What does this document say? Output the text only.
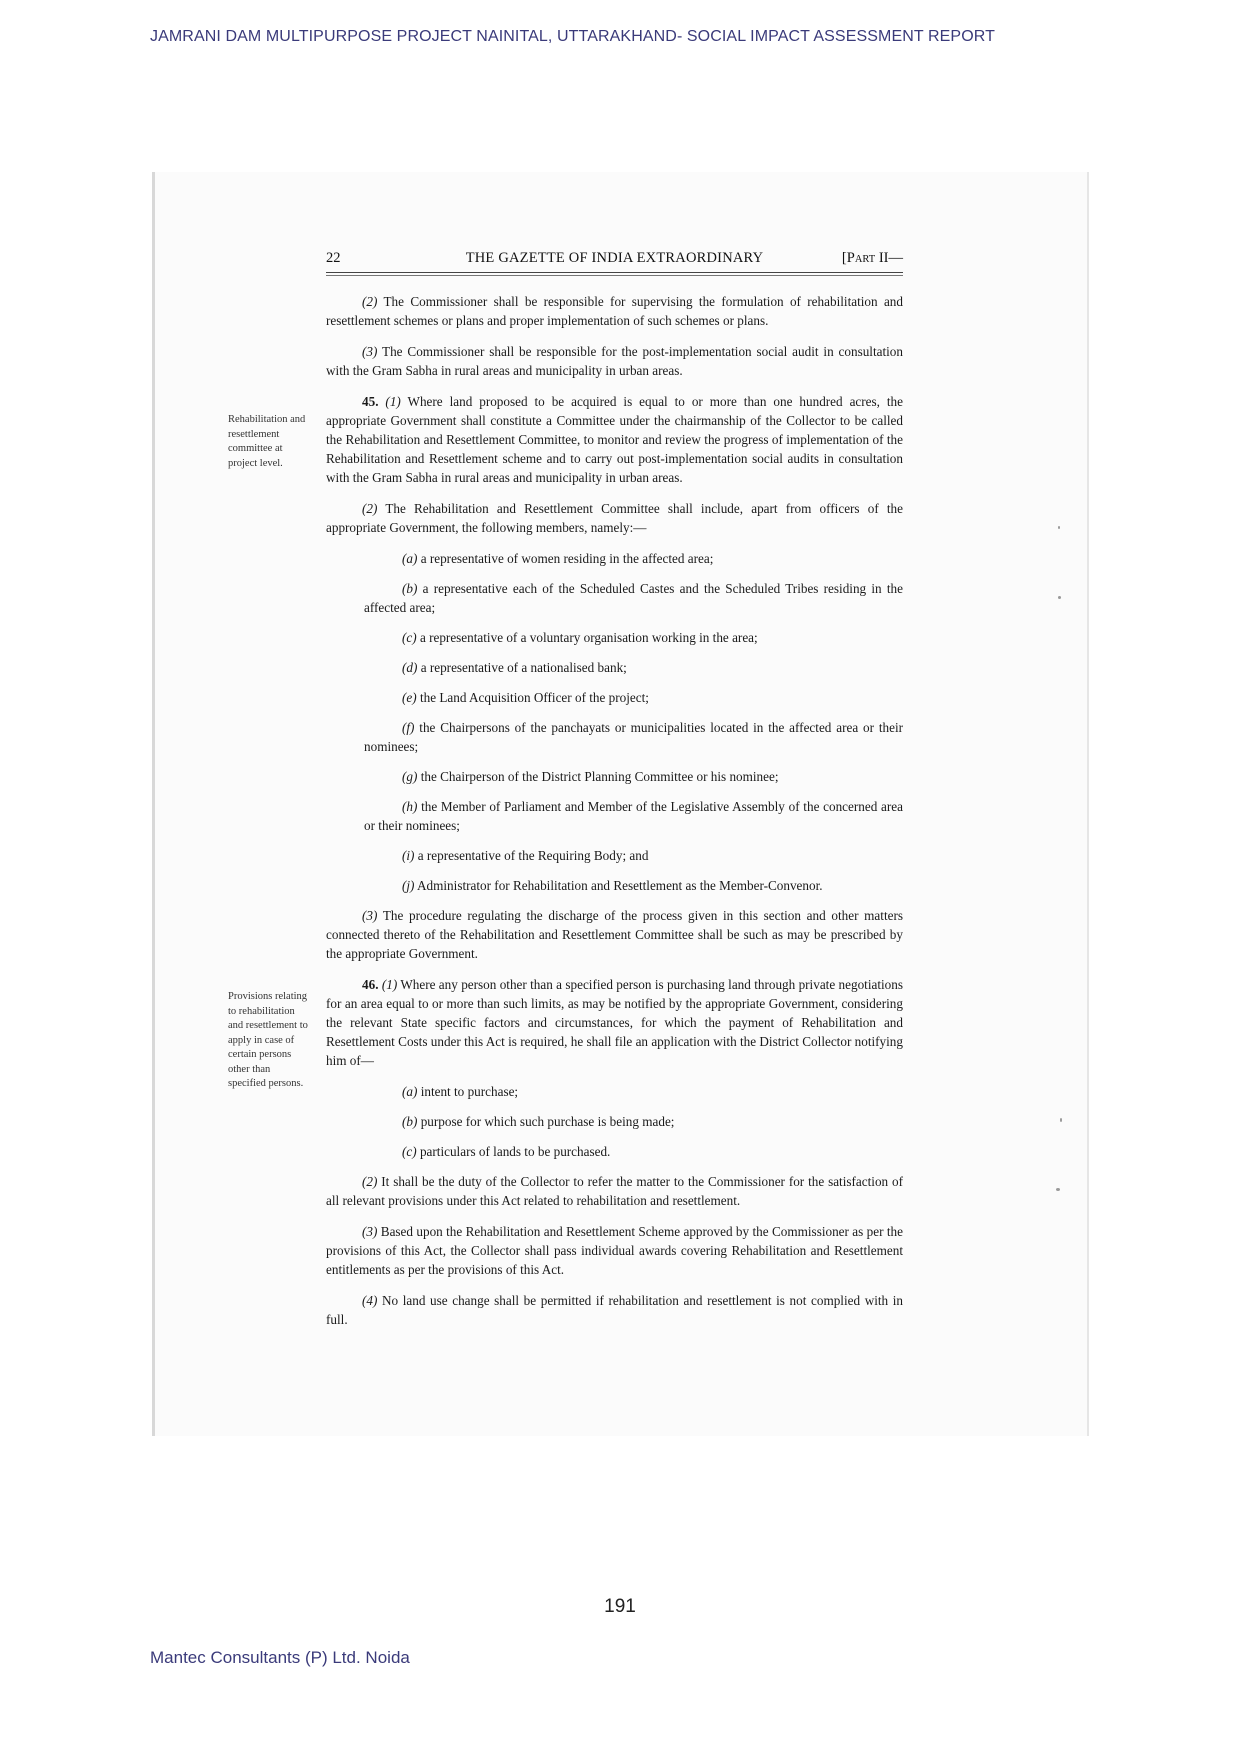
JAMRANI DAM MULTIPURPOSE PROJECT NAINITAL, UTTARAKHAND- SOCIAL IMPACT ASSESSMENT REPORT
22	THE GAZETTE OF INDIA EXTRAORDINARY	[PART II—
Rehabilitation and resettlement committee at project level.
Provisions relating to rehabilitation and resettlement to apply in case of certain persons other than specified persons.

(2) The Commissioner shall be responsible for supervising the formulation of rehabilitation and resettlement schemes or plans and proper implementation of such schemes or plans.

(3) The Commissioner shall be responsible for the post-implementation social audit in consultation with the Gram Sabha in rural areas and municipality in urban areas.

45. (1) Where land proposed to be acquired is equal to or more than one hundred acres, the appropriate Government shall constitute a Committee under the chairmanship of the Collector to be called the Rehabilitation and Resettlement Committee, to monitor and review the progress of implementation of the Rehabilitation and Resettlement scheme and to carry out post-implementation social audits in consultation with the Gram Sabha in rural areas and municipality in urban areas.

(2) The Rehabilitation and Resettlement Committee shall include, apart from officers of the appropriate Government, the following members, namely:—

(a) a representative of women residing in the affected area;

(b) a representative each of the Scheduled Castes and the Scheduled Tribes residing in the affected area;

(c) a representative of a voluntary organisation working in the area;

(d) a representative of a nationalised bank;

(e) the Land Acquisition Officer of the project;

(f) the Chairpersons of the panchayats or municipalities located in the affected area or their nominees;

(g) the Chairperson of the District Planning Committee or his nominee;

(h) the Member of Parliament and Member of the Legislative Assembly of the concerned area or their nominees;

(i) a representative of the Requiring Body; and

(j) Administrator for Rehabilitation and Resettlement as the Member-Convenor.

(3) The procedure regulating the discharge of the process given in this section and other matters connected thereto of the Rehabilitation and Resettlement Committee shall be such as may be prescribed by the appropriate Government.

46. (1) Where any person other than a specified person is purchasing land through private negotiations for an area equal to or more than such limits, as may be notified by the appropriate Government, considering the relevant State specific factors and circumstances, for which the payment of Rehabilitation and Resettlement Costs under this Act is required, he shall file an application with the District Collector notifying him of—

(a) intent to purchase;

(b) purpose for which such purchase is being made;

(c) particulars of lands to be purchased.

(2) It shall be the duty of the Collector to refer the matter to the Commissioner for the satisfaction of all relevant provisions under this Act related to rehabilitation and resettlement.

(3) Based upon the Rehabilitation and Resettlement Scheme approved by the Commissioner as per the provisions of this Act, the Collector shall pass individual awards covering Rehabilitation and Resettlement entitlements as per the provisions of this Act.

(4) No land use change shall be permitted if rehabilitation and resettlement is not complied with in full.

191
Mantec Consultants (P) Ltd. Noida
